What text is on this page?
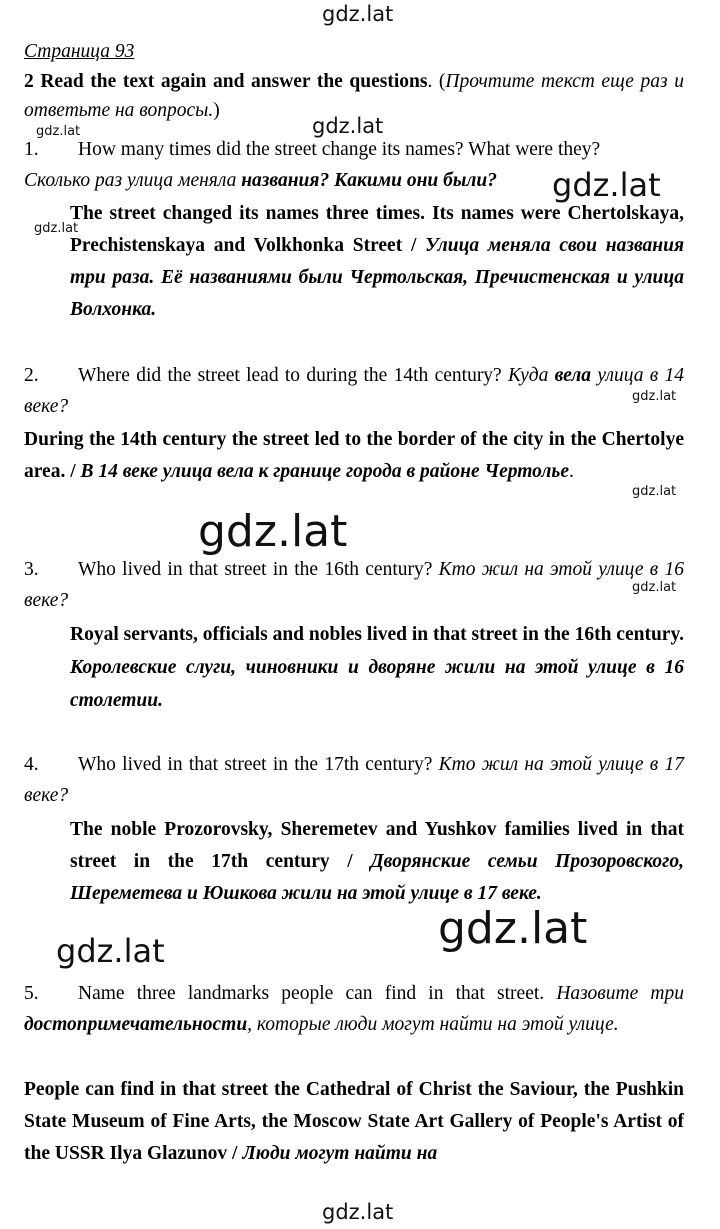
gdz.lat
gdz.lat	gdz.lat
gdz.lat
gdz.lat
gdz.lat
gdz.lat
gdz.lat
gdz.lat
gdz.lat
gdz.lat
gdz.lat
Страница 93
2 Read the text again and answer the questions. (Прочтите текст еще раз и ответьте на вопросы.)
1. How many times did the street change its names? What were they?
Сколько раз улица меняла названия? Какими они были?
The street changed its names three times. Its names were Chertolskaya, Prechistenskaya and Volkhonka Street / Улица меняла свои названия три раза. Её названиями были Чертольская, Пречистенская и улица Волхонка.
2. Where did the street lead to during the 14th century? Куда вела улица в 14 веке?
During the 14th century the street led to the border of the city in the Chertolye area. / В 14 веке улица вела к границе города в районе Чертолье.
3. Who lived in that street in the 16th century? Кто жил на этой улице в 16 веке?
Royal servants, officials and nobles lived in that street in the 16th century. Королевские слуги, чиновники и дворяне жили на этой улице в 16 столетии.
4. Who lived in that street in the 17th century? Кто жил на этой улице в 17 веке?
The noble Prozorovsky, Sheremetev and Yushkov families lived in that street in the 17th century / Дворянские семьи Прозоровского, Шереметева и Юшкова жили на этой улице в 17 веке.
5. Name three landmarks people can find in that street. Назовите три достопримечательности, которые люди могут найти на этой улице.
People can find in that street the Cathedral of Christ the Saviour, the Pushkin State Museum of Fine Arts, the Moscow State Art Gallery of People's Artist of the USSR Ilya Glazunov / Люди могут найти на
